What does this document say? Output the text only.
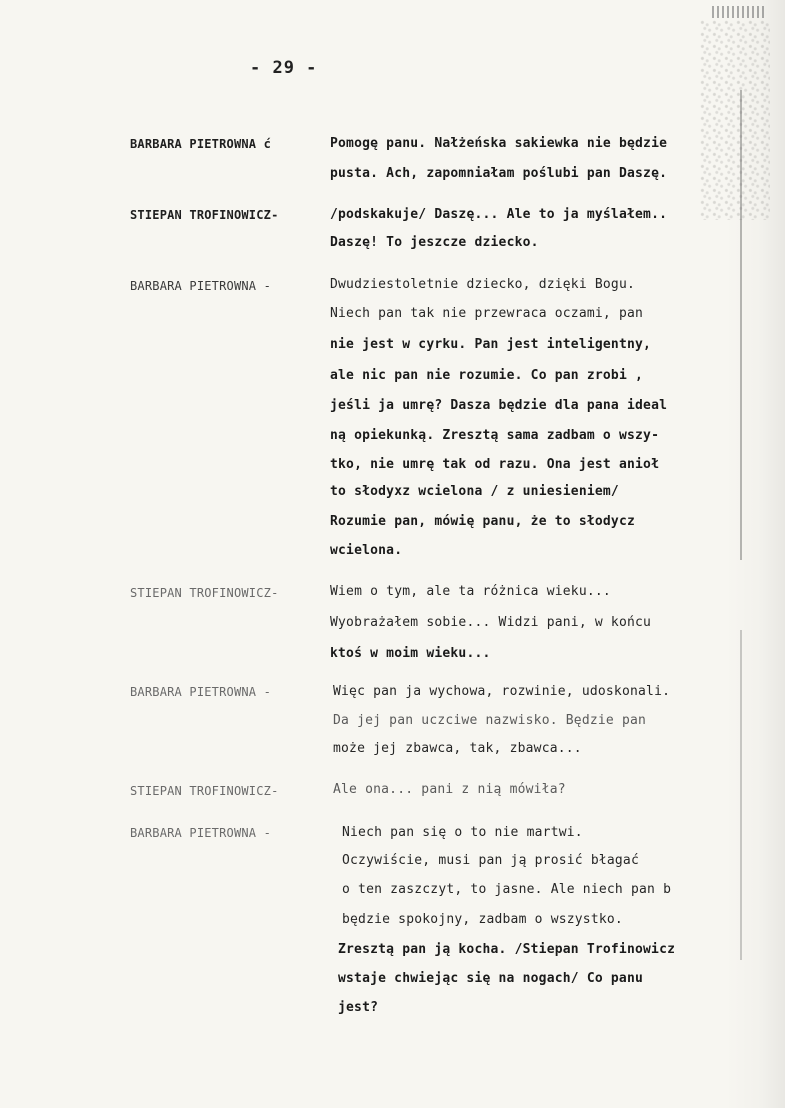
- 29 -
BARBARA PIETROWNA ć	Pomogę panu. Nałżeńska sakiewka nie będzie
pusta. Ach, zapomniałam poślubi pan Daszę.
STIEPAN TROFINOWICZ-	/podskakuje/ Daszę... Ale to ja myślałem..
Daszę! To jeszcze dziecko.
BARBARA PIETROWNA -	Dwudziestoletnie dziecko, dzięki Bogu.
Niech pan tak nie przewraca oczami, pan
nie jest w cyrku. Pan jest inteligentny,
ale nic pan nie rozumie. Co pan zrobi ,
jeśli ja umrę? Dasza będzie dla pana ideal
ną opiekunką. Zresztą sama zadbam o wszy-
tko, nie umrę tak od razu. Ona jest anioł
to słodyxz wcielona / z uniesieniem/
Rozumie pan, mówię panu, że to słodycz
wcielona.
STIEPAN TROFINOWICZ-	Wiem o tym, ale ta różnica wieku...
Wyobrażałem sobie... Widzi pani, w końcu
ktoś w moim wieku...
BARBARA PIETROWNA -	Więc pan ja wychowa, rozwinie, udoskonali.
Da jej pan uczciwe nazwisko. Będzie pan
może jej zbawca, tak, zbawca...
STIEPAN TROFINOWICZ-	Ale ona... pani z nią mówiła?
BARBARA PIETROWNA -	Niech pan się o to nie martwi.
Oczywiście, musi pan ją prosić błagać
o ten zaszczyt, to jasne. Ale niech pan b
będzie spokojny, zadbam o wszystko.
Zresztą pan ją kocha. /Stiepan Trofinowicz
wstaje chwiejąc się na nogach/ Co panu
jest?
